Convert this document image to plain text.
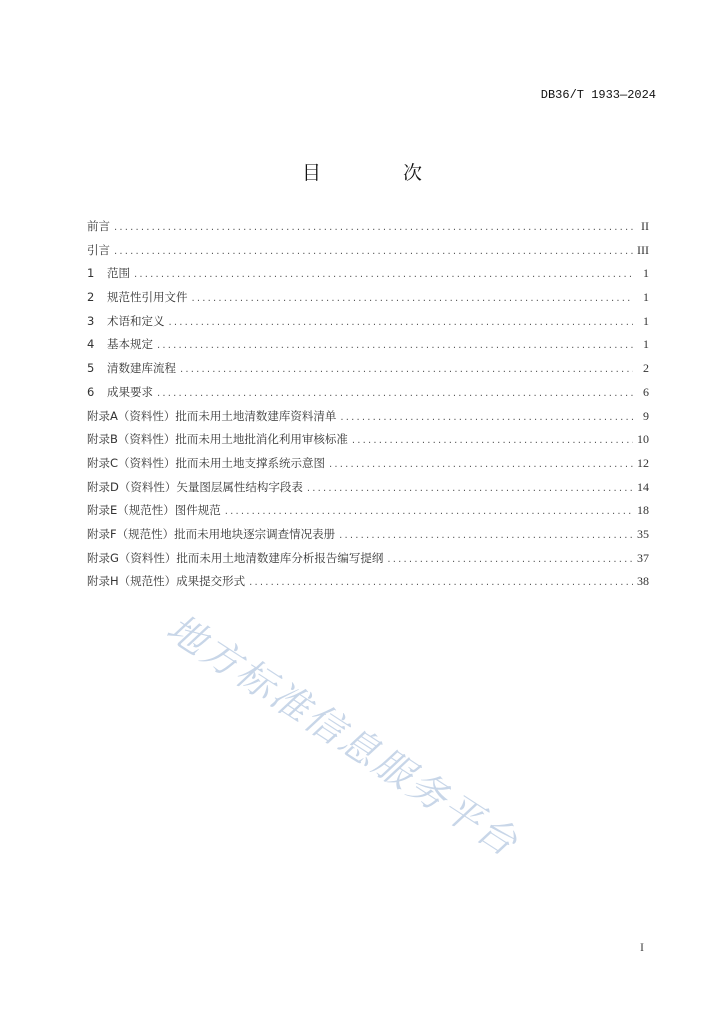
DB36/T 1933—2024
目 次
前言 .....	II
引言 .....	III
1	范围 .....	1
2	规范性引用文件 .....	1
3	术语和定义 .....	1
4	基本规定 .....	1
5	清数建库流程 .....	2
6	成果要求 .....	6
附录A（资料性）批而未用土地清数建库资料清单 .....	9
附录B（资料性）批而未用土地批消化利用审核标准 .....	10
附录C（资料性）批而未用土地支撑系统示意图 .....	12
附录D（资料性）矢量图层属性结构字段表 .....	14
附录E（规范性）图件规范 .....	18
附录F（规范性）批而未用地块逐宗调查情况表册 .....	35
附录G（资料性）批而未用土地清数建库分析报告编写提纲 .....	37
附录H（规范性）成果提交形式 .....	38
地方标准信息服务平台
I
